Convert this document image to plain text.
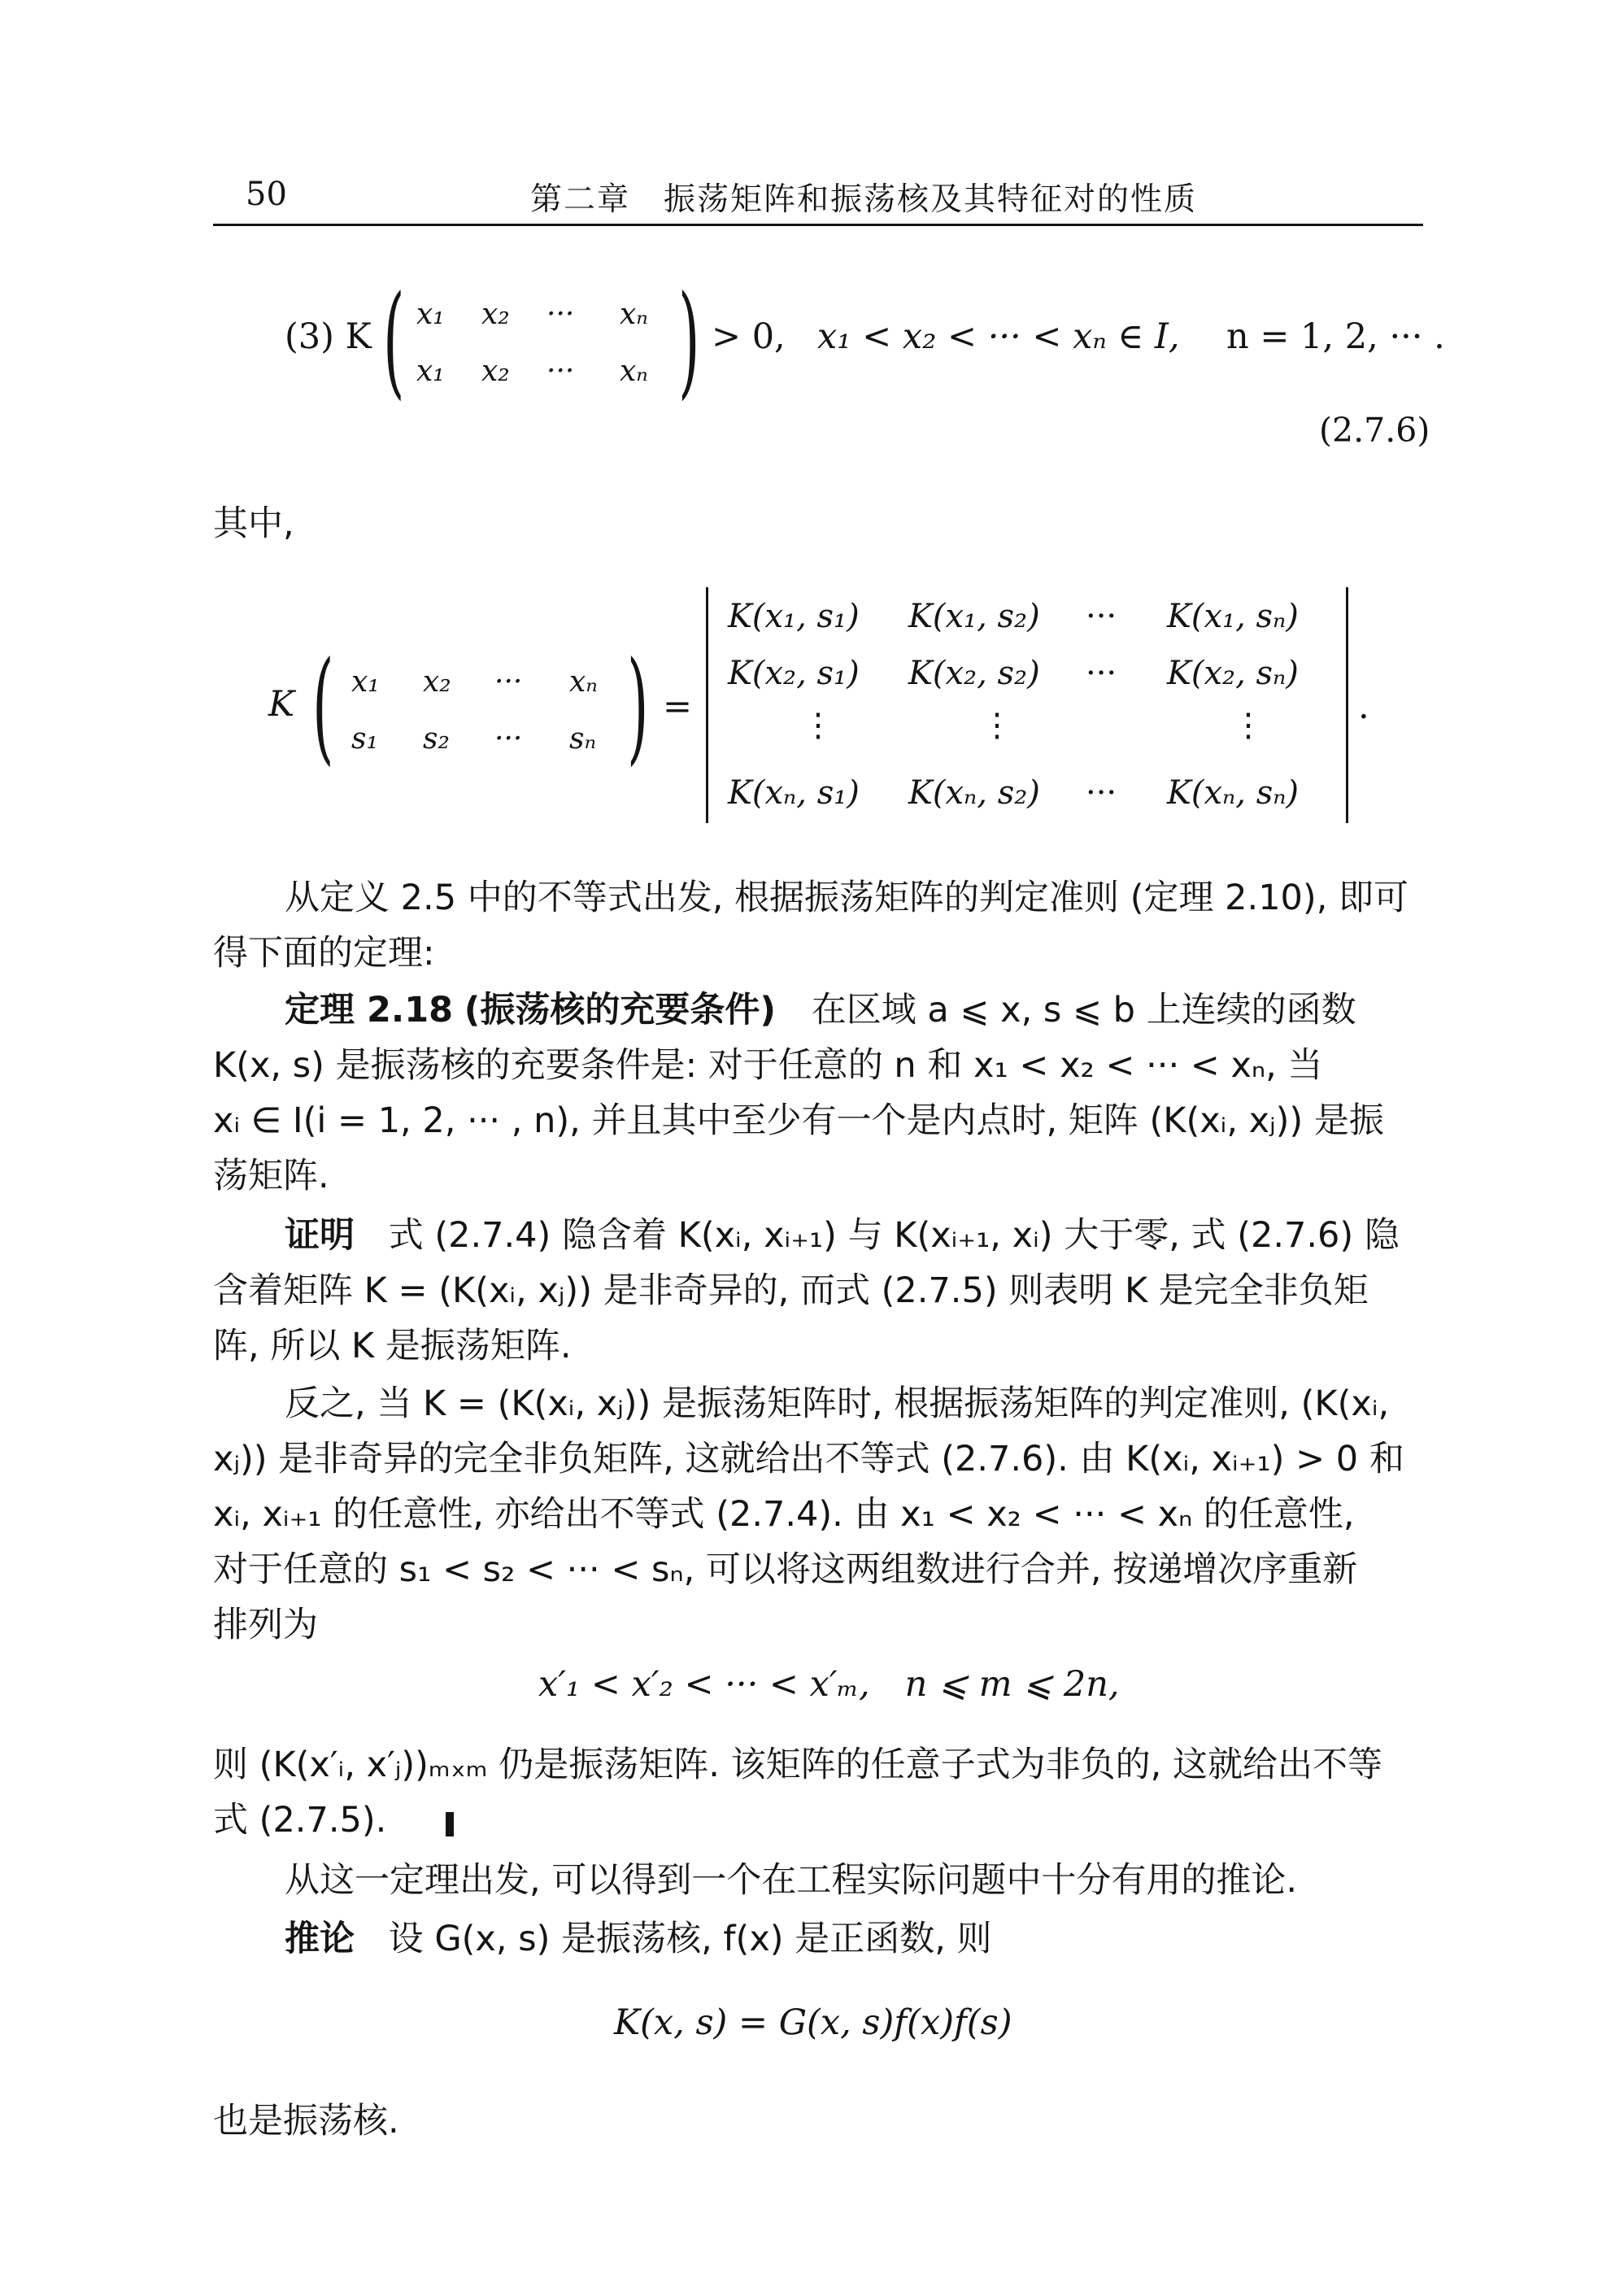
50	第二章　振荡矩阵和振荡核及其特征对的性质
(3) K ( x₁ x₂ ··· xₙ
x₁ x₂ ··· xₙ ) > 0, x₁ < x₂ < ··· < xₙ ∈ I, n = 1, 2, ··· .
(2.7.6)
其中,
K ( x₁ x₂ ··· xₙ
s₁ s₂ ··· sₙ ) =	.
K(x₁, s₁) K(x₁, s₂) ··· K(x₁, sₙ)
K(x₂, s₁) K(x₂, s₂) ··· K(x₂, sₙ)
⋮	⋮	⋮
K(xₙ, s₁) K(xₙ, s₂) ··· K(xₙ, sₙ)
从定义 2.5 中的不等式出发, 根据振荡矩阵的判定准则 (定理 2.10), 即可
得下面的定理:
定理 2.18 (振荡核的充要条件) 在区域 a ⩽ x, s ⩽ b 上连续的函数
K(x, s) 是振荡核的充要条件是: 对于任意的 n 和 x₁ < x₂ < ··· < xₙ, 当
xᵢ ∈ I(i = 1, 2, ··· , n), 并且其中至少有一个是内点时, 矩阵 (K(xᵢ, xⱼ)) 是振
荡矩阵.
证明 式 (2.7.4) 隐含着 K(xᵢ, xᵢ₊₁) 与 K(xᵢ₊₁, xᵢ) 大于零, 式 (2.7.6) 隐
含着矩阵 K = (K(xᵢ, xⱼ)) 是非奇异的, 而式 (2.7.5) 则表明 K 是完全非负矩
阵, 所以 K 是振荡矩阵.
反之, 当 K = (K(xᵢ, xⱼ)) 是振荡矩阵时, 根据振荡矩阵的判定准则, (K(xᵢ,
xⱼ)) 是非奇异的完全非负矩阵, 这就给出不等式 (2.7.6). 由 K(xᵢ, xᵢ₊₁) > 0 和
xᵢ, xᵢ₊₁ 的任意性, 亦给出不等式 (2.7.4). 由 x₁ < x₂ < ··· < xₙ 的任意性,
对于任意的 s₁ < s₂ < ··· < sₙ, 可以将这两组数进行合并, 按递增次序重新
排列为
x′₁ < x′₂ < ··· < x′ₘ,　n ⩽ m ⩽ 2n,
则 (K(x′ᵢ, x′ⱼ))ₘₓₘ 仍是振荡矩阵. 该矩阵的任意子式为非负的, 这就给出不等
式 (2.7.5).
从这一定理出发, 可以得到一个在工程实际问题中十分有用的推论.
推论 设 G(x, s) 是振荡核, f(x) 是正函数, 则
K(x, s) = G(x, s)f(x)f(s)
也是振荡核.
